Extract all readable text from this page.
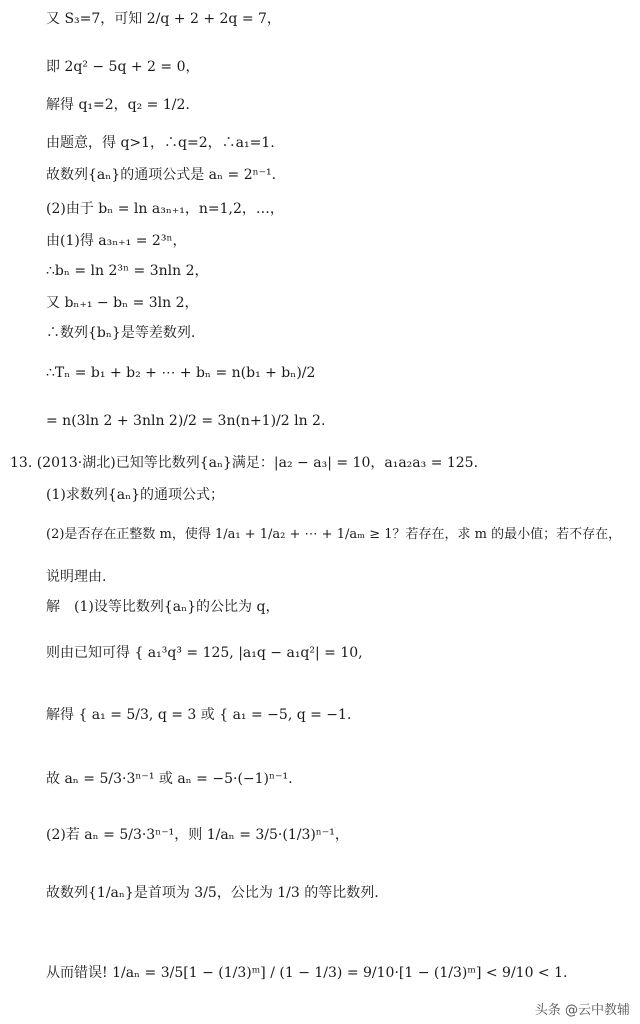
又 S₃=7，可知 2/q + 2 + 2q = 7，
即 2q² − 5q + 2 = 0，
解得 q₁=2，q₂ = 1/2.
由题意，得 q>1，∴q=2，∴a₁=1.
故数列{aₙ}的通项公式是 aₙ = 2ⁿ⁻¹.
(2)由于 bₙ = ln a₃ₙ₊₁，n=1,2，…，
由(1)得 a₃ₙ₊₁ = 2³ⁿ，
∴bₙ = ln 2³ⁿ = 3nln 2，
又 bₙ₊₁ − bₙ = 3ln 2，
∴数列{bₙ}是等差数列.
∴Tₙ = b₁ + b₂ + ⋯ + bₙ = n(b₁ + bₙ)/2
= n(3ln 2 + 3nln 2)/2 = 3n(n+1)/2 ln 2.
13. (2013·湖北)已知等比数列{aₙ}满足：|a₂ − a₃| = 10，a₁a₂a₃ = 125.
(1)求数列{aₙ}的通项公式；
(2)是否存在正整数 m，使得 1/a₁ + 1/a₂ + ⋯ + 1/aₘ ≥ 1？若存在，求 m 的最小值；若不存在，
说明理由.
解　(1)设等比数列{aₙ}的公比为 q，
则由已知可得 { a₁³q³ = 125, |a₁q − a₁q²| = 10,
解得 { a₁ = 5/3, q = 3 或 { a₁ = −5, q = −1.
故 aₙ = 5/3·3ⁿ⁻¹ 或 aₙ = −5·(−1)ⁿ⁻¹.
(2)若 aₙ = 5/3·3ⁿ⁻¹，则 1/aₙ = 3/5·(1/3)ⁿ⁻¹，
故数列{1/aₙ}是首项为 3/5，公比为 1/3 的等比数列.
从而错误! 1/aₙ = 3/5[1 − (1/3)ᵐ] / (1 − 1/3) = 9/10·[1 − (1/3)ᵐ] < 9/10 < 1.
头条 @云中教辅
